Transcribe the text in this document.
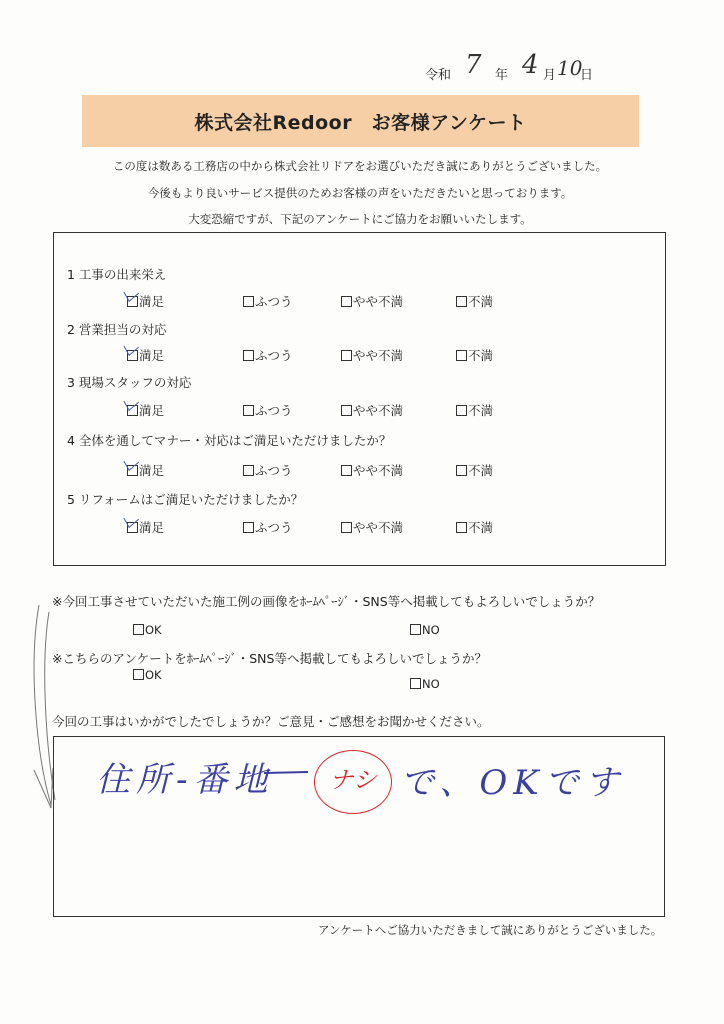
令和 7 年 4 月 10
日
株式会社Redoor　お客様アンケート
この度は数ある工務店の中から株式会社リドアをお選びいただき誠にありがとうございました。
今後もより良いサービス提供のためお客様の声をいただきたいと思っております。
大変恐縮ですが、下記のアンケートにご協力をお願いいたします。
1 工事の出来栄え
満足	ふつう	やや不満	不満
2 営業担当の対応
満足	ふつう	やや不満	不満
3 現場スタッフの対応
満足	ふつう	やや不満	不満
4 全体を通してマナー・対応はご満足いただけましたか？
満足	ふつう	やや不満	不満
5 リフォームはご満足いただけましたか？
満足	ふつう	やや不満	不満
※今回工事させていただいた施工例の画像をﾎｰﾑﾍﾟｰｼﾞ・SNS等へ掲載してもよろしいでしょうか？
OK	NO
※こちらのアンケートをﾎｰﾑﾍﾟｰｼﾞ・SNS等へ掲載してもよろしいでしょうか？
OK
NO
今回の工事はいかがでしたでしょうか？ご意見・ご感想をお聞かせください。
住所-番地	ナシ で、OKです
アンケートへご協力いただきまして誠にありがとうございました。
